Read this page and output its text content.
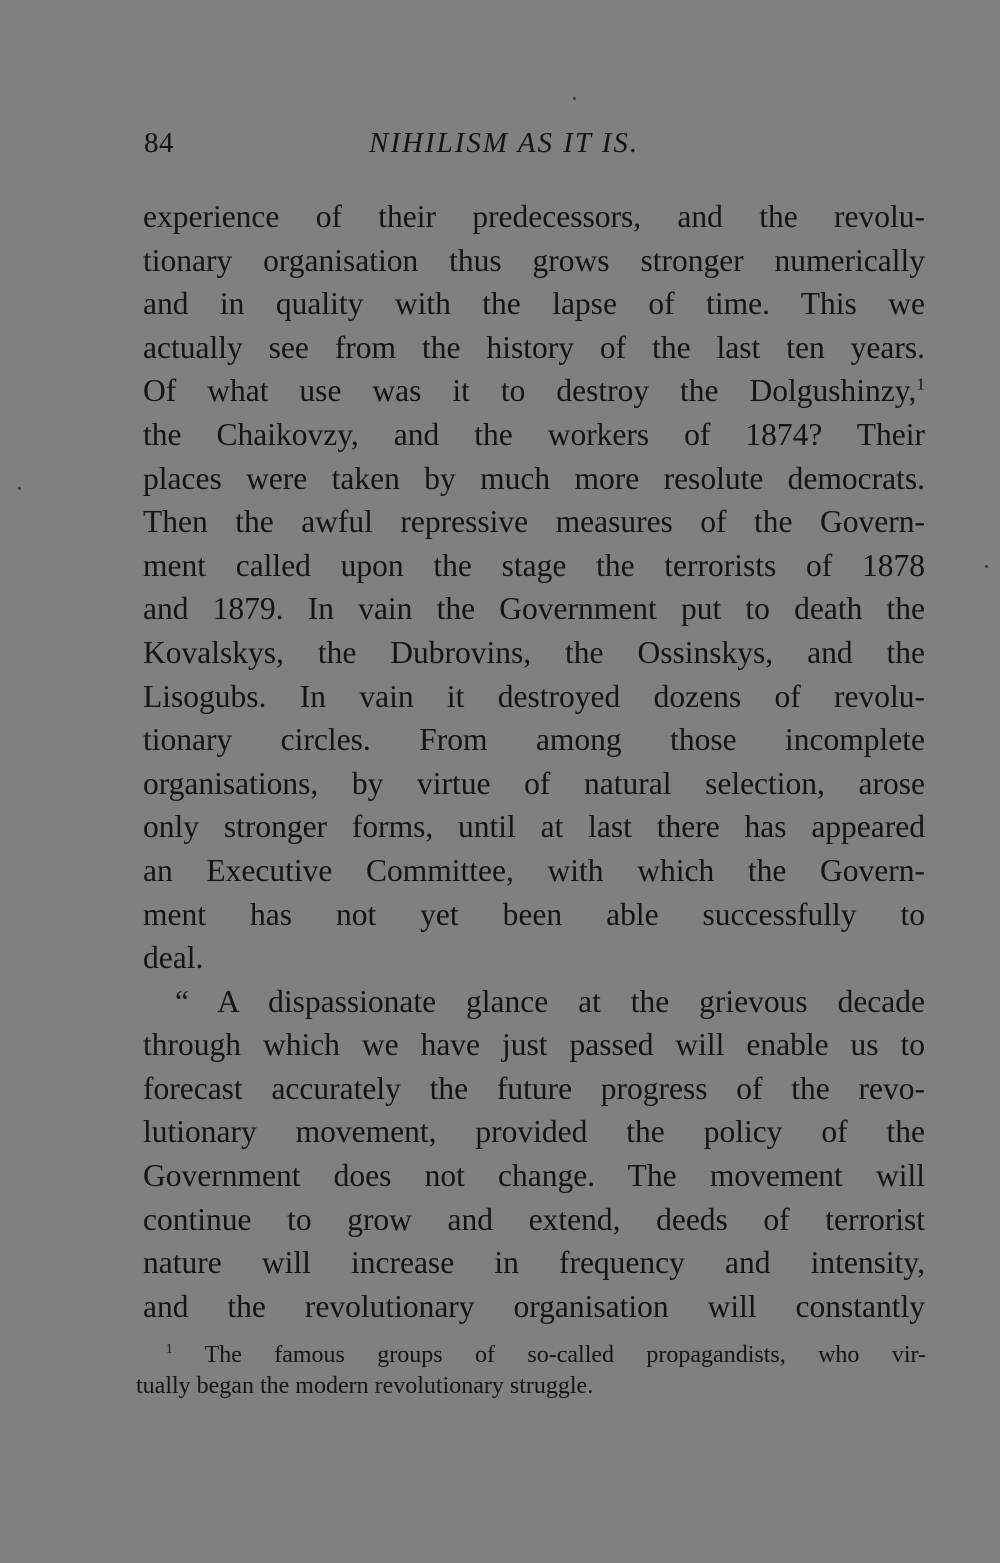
84	NIHILISM AS IT IS.
experience of their predecessors, and the revolu-
tionary organisation thus grows stronger numerically
and in quality with the lapse of time. This we
actually see from the history of the last ten years.
Of what use was it to destroy the Dolgushinzy,$^1$
the Chaikovzy, and the workers of 1874? Their
places were taken by much more resolute democrats.
Then the awful repressive measures of the Govern-
ment called upon the stage the terrorists of 1878
and 1879. In vain the Government put to death the
Kovalskys, the Dubrovins, the Ossinskys, and the
Lisogubs. In vain it destroyed dozens of revolu-
tionary circles. From among those incomplete
organisations, by virtue of natural selection, arose
only stronger forms, until at last there has appeared
an Executive Committee, with which the Govern-
ment has not yet been able successfully to
deal.
“ A dispassionate glance at the grievous decade
through which we have just passed will enable us to
forecast accurately the future progress of the revo-
lutionary movement, provided the policy of the
Government does not change. The movement will
continue to grow and extend, deeds of terrorist
nature will increase in frequency and intensity,
and the revolutionary organisation will constantly
$^1$ The famous groups of so-called propagandists, who vir-
tually began the modern revolutionary struggle.
